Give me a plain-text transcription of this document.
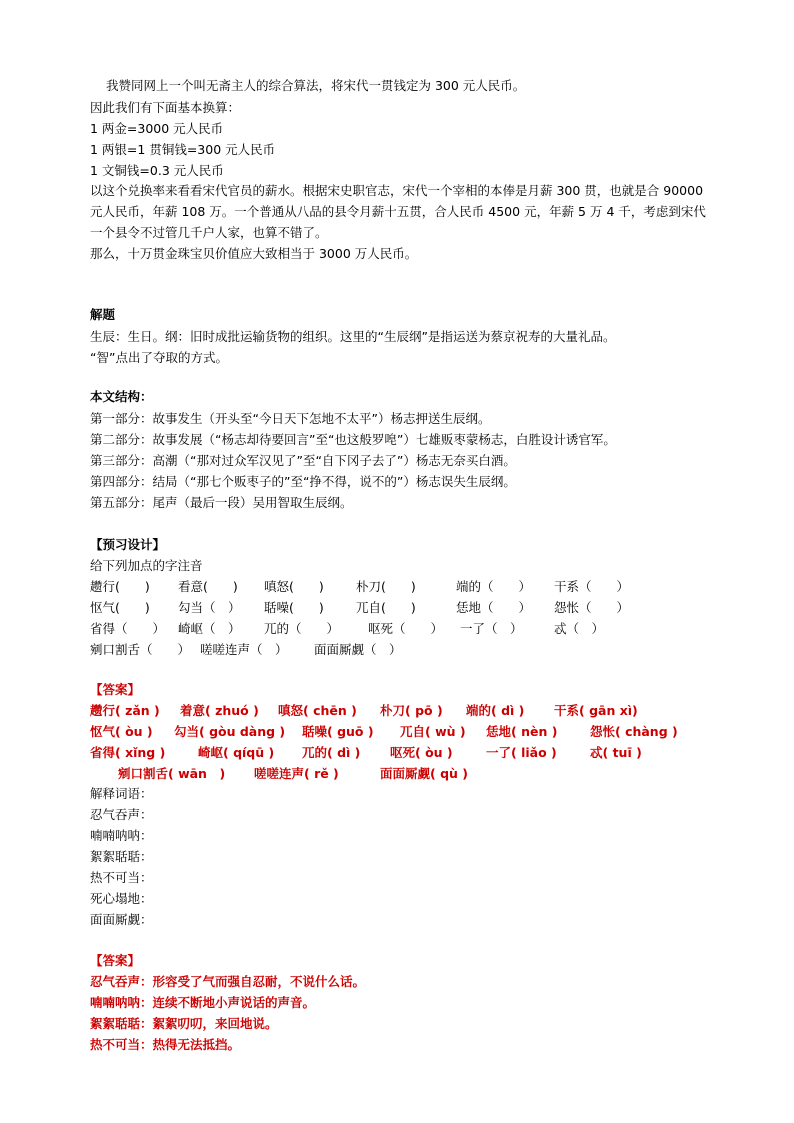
我赞同网上一个叫无斋主人的综合算法，将宋代一贯钱定为 300 元人民币。
因此我们有下面基本换算：
1 两金=3000 元人民币
1 两银=1 贯铜钱=300 元人民币
1 文铜钱=0.3 元人民币
以这个兑换率来看看宋代官员的薪水。根据宋史职官志，宋代一个宰相的本俸是月薪 300 贯，也就是合 90000 元人民币，年薪 108 万。一个普通从八品的县令月薪十五贯，合人民币 4500 元，年薪 5 万 4 千，考虑到宋代一个县令不过管几千户人家，也算不错了。
那么，十万贯金珠宝贝价值应大致相当于 3000 万人民币。
解题
生辰：生日。纲：旧时成批运输货物的组织。这里的“生辰纲”是指运送为蔡京祝寿的大量礼品。
“智”点出了夺取的方式。
本文结构：
第一部分：故事发生（开头至“今日天下怎地不太平”）杨志押送生辰纲。
第二部分：故事发展（“杨志却待要回言”至“也这般罗唣”）七雄贩枣蒙杨志，白胜设计诱官军。
第三部分：高潮（“那对过众军汉见了”至“自下冈子去了”）杨志无奈买白酒。
第四部分：结局（“那七个贩枣子的”至“挣不得，说不的”）杨志误失生辰纲。
第五部分：尾声（最后一段）吴用智取生辰纲。
【预习设计】
给下列加点的字注音
趱行(　　) 看意(　　) 嗔怒(　　)	朴刀(　　)	端的（　　） 干系（　　）
怄气(　　) 勾当（　） 聒噪(　　)	兀自(　　)	恁地（　　） 怨怅（　　）
省得（　　） 崎岖（　） 兀的（　　） 呕死（　　） 一了（　）	忒（　）
剜口割舌（　　） 嗟嗟连声（　） 面面厮觑（　）
【答案】
趱行( zǎn ) 着意( zhuó ) 嗔怒( chēn ) 朴刀( pō ) 端的( dì ) 干系( gān xì)
怄气( òu ) 勾当( gòu dàng ) 聒噪( guō ) 兀自( wù ) 恁地( nèn )	怨怅( chàng )
省得( xǐng )	崎岖( qíqū ) 兀的( dì ) 呕死( òu )	一了( liǎo )	忒( tuī )
剜口割舌( wān　) 嗟嗟连声( rě )	面面厮觑( qù )
解释词语：
忍气吞声：
喃喃呐呐：
絮絮聒聒：
热不可当：
死心塌地：
面面厮觑：
【答案】
忍气吞声：形容受了气而强自忍耐，不说什么话。
喃喃呐呐：连续不断地小声说话的声音。
絮絮聒聒：絮絮叨叨，来回地说。
热不可当：热得无法抵挡。
